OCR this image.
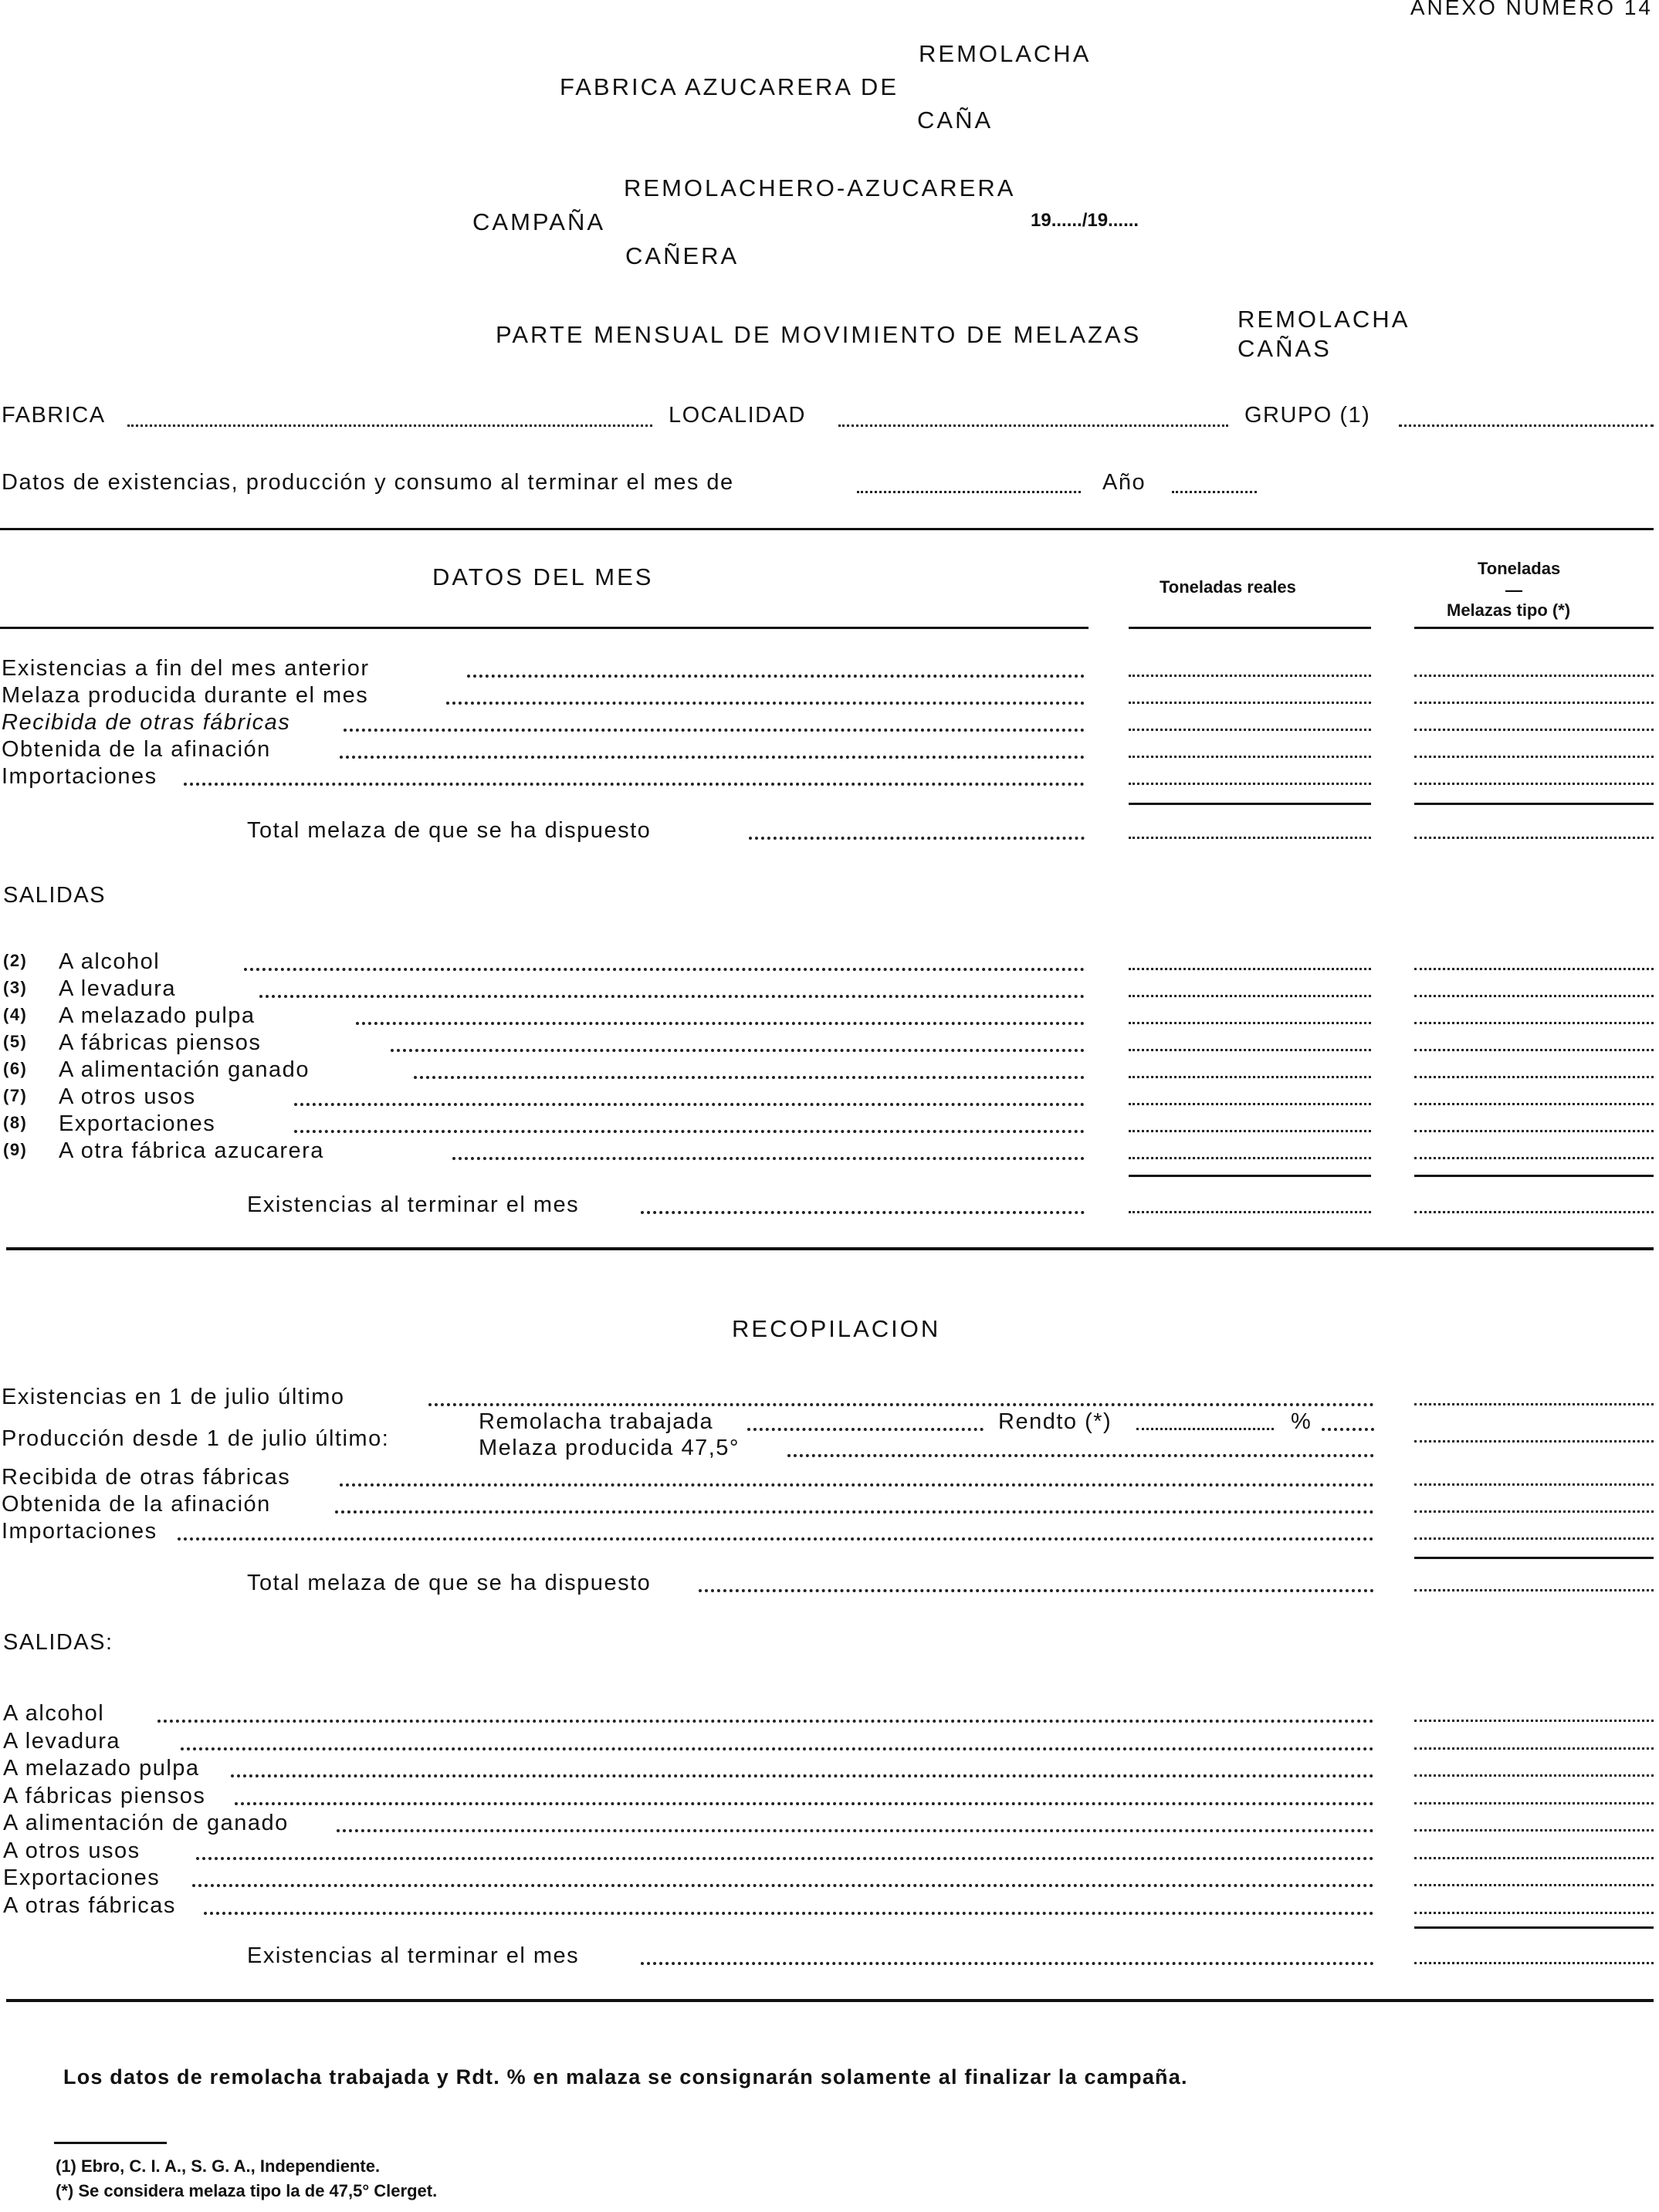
ANEXO NUMERO 14
REMOLACHA
FABRICA AZUCARERA DE
CAÑA
REMOLACHERO-AZUCARERA
CAMPAÑA	19....../19......
CAÑERA
PARTE MENSUAL DE MOVIMIENTO DE MELAZAS
REMOLACHA
CAÑAS
FABRICA	LOCALIDAD	GRUPO (1)
Datos de existencias, producción y consumo al terminar el mes de	Año
DATOS DEL MES	Toneladas reales
Toneladas
—
Melazas tipo (*)
Existencias a fin del mes anterior
Melaza producida durante el mes
Recibida de otras fábricas
Obtenida de la afinación
Importaciones
Total melaza de que se ha dispuesto
SALIDAS
(2) A alcohol
(3) A levadura
(4) A melazado pulpa
(5) A fábricas piensos
(6) A alimentación ganado
(7) A otros usos
(8) Exportaciones
(9) A otra fábrica azucarera
Existencias al terminar el mes
RECOPILACION
Existencias en 1 de julio último
Producción desde 1 de julio último:
Remolacha trabajada	Rendto (*)	%
Melaza producida 47,5°
Recibida de otras fábricas
Obtenida de la afinación
Importaciones
Total melaza de que se ha dispuesto
SALIDAS:
A alcohol
A levadura
A melazado pulpa
A fábricas piensos
A alimentación de ganado
A otros usos
Exportaciones
A otras fábricas
Existencias al terminar el mes
Los datos de remolacha trabajada y Rdt. % en malaza se consignarán solamente al finalizar la campaña.
(1) Ebro, C. I. A., S. G. A., Independiente.
(*) Se considera melaza tipo la de 47,5° Clerget.
